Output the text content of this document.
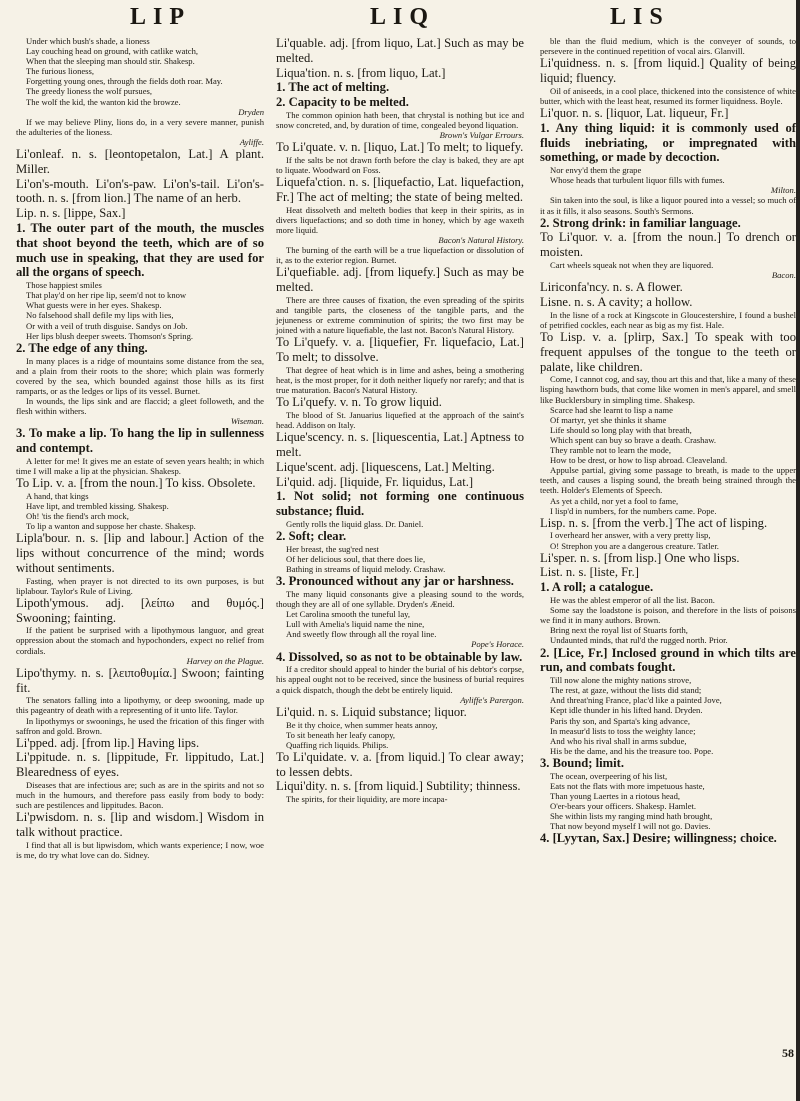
LIP	LIQ	LIS

Under which bush's shade, a lioness

Lay couching head on ground, with catlike watch,

When that the sleeping man should stir. Shakesp.

The furious lioness,

Forgetting young ones, through the fields doth roar. May.

The greedy lioness the wolf pursues,

The wolf the kid, the wanton kid the browze.

Dryden

If we may believe Pliny, lions do, in a very severe manner, punish the adulteries of the lioness.

Ayliffe.

Li'onleaf. n. s. [leontopetalon, Lat.] A plant. Miller.

Li'on's-mouth. Li'on's-paw. Li'on's-tail. Li'on's-tooth. n. s. [from lion.] The name of an herb.

Lip. n. s. [lippe, Sax.]

1. The outer part of the mouth, the muscles that shoot beyond the teeth, which are of so much use in speaking, that they are used for all the organs of speech.

Those happiest smiles

That play'd on her ripe lip, seem'd not to know

What guests were in her eyes. Shakesp.

No falsehood shall defile my lips with lies,

Or with a veil of truth disguise. Sandys on Job.

Her lips blush deeper sweets. Thomson's Spring.

2. The edge of any thing.

In many places is a ridge of mountains some distance from the sea, and a plain from their roots to the shore; which plain was formerly covered by the sea, which bounded against those hills as its first ramparts, or as the ledges or lips of its vessel. Burnet.

In wounds, the lips sink and are flaccid; a gleet followeth, and the flesh within withers.

Wiseman.

3. To make a lip. To hang the lip in sullenness and contempt.

A letter for me! It gives me an estate of seven years health; in which time I will make a lip at the physician. Shakesp.

To Lip. v. a. [from the noun.] To kiss. Obsolete.

A hand, that kings

Have lipt, and trembled kissing. Shakesp.

Oh! 'tis the fiend's arch mock,

To lip a wanton and suppose her chaste. Shakesp.

Lipla'bour. n. s. [lip and labour.] Action of the lips without concurrence of the mind; words without sentiments.

Fasting, when prayer is not directed to its own purposes, is but liplabour. Taylor's Rule of Living.

Lipoth'ymous. adj. [λείπω and θυμός.] Swooning; fainting.

If the patient be surprised with a lipothymous languor, and great oppression about the stomach and hypochonders, expect no relief from cordials.

Harvey on the Plague.

Lipo'thymy. n. s. [λειποθυμία.] Swoon; fainting fit.

The senators falling into a lipothymy, or deep swooning, made up this pageantry of death with a representing of it unto life. Taylor.

In lipothymys or swoonings, he used the frication of this finger with saffron and gold. Brown.

Li'pped. adj. [from lip.] Having lips.

Li'ppitude. n. s. [lippitude, Fr. lippitudo, Lat.] Blearedness of eyes.

Diseases that are infectious are; such as are in the spirits and not so much in the humours, and therefore pass easily from body to body: such are pestilences and lippitudes. Bacon.

Li'pwisdom. n. s. [lip and wisdom.] Wisdom in talk without practice.

I find that all is but lipwisdom, which wants experience; I now, woe is me, do try what love can do. Sidney.

Li'quable. adj. [from liquo, Lat.] Such as may be melted.

Liqua'tion. n. s. [from liquo, Lat.]

1. The act of melting.

2. Capacity to be melted.

The common opinion hath been, that chrystal is nothing but ice and snow concreted, and, by duration of time, congealed beyond liquation.

Brown's Vulgar Errours.

To Li'quate. v. n. [liquo, Lat.] To melt; to liquefy.

If the salts be not drawn forth before the clay is baked, they are apt to liquate. Woodward on Foss.

Liquefa'ction. n. s. [liquefactio, Lat. liquefaction, Fr.] The act of melting; the state of being melted.

Heat dissolveth and melteth bodies that keep in their spirits, as in divers liquefactions; and so doth time in honey, which by age waxeth more liquid.

Bacon's Natural History.

The burning of the earth will be a true liquefaction or dissolution of it, as to the exterior region. Burnet.

Li'quefiable. adj. [from liquefy.] Such as may be melted.

There are three causes of fixation, the even spreading of the spirits and tangible parts, the closeness of the tangible parts, and the jejuneness or extreme comminution of spirits; the two first may be joined with a nature liquefiable, the last not. Bacon's Natural History.

To Li'quefy. v. a. [liquefier, Fr. liquefacio, Lat.] To melt; to dissolve.

That degree of heat which is in lime and ashes, being a smothering heat, is the most proper, for it doth neither liquefy nor rarefy; and that is true maturation. Bacon's Natural History.

To Li'quefy. v. n. To grow liquid.

The blood of St. Januarius liquefied at the approach of the saint's head. Addison on Italy.

Lique'scency. n. s. [liquescentia, Lat.] Aptness to melt.

Lique'scent. adj. [liquescens, Lat.] Melting.

Li'quid. adj. [liquide, Fr. liquidus, Lat.]

1. Not solid; not forming one continuous substance; fluid.

Gently rolls the liquid glass. Dr. Daniel.

2. Soft; clear.

Her breast, the sug'red nest

Of her delicious soul, that there does lie,

Bathing in streams of liquid melody. Crashaw.

3. Pronounced without any jar or harshness.

The many liquid consonants give a pleasing sound to the words, though they are all of one syllable. Dryden's Æneid.

Let Carolina smooth the tuneful lay,

Lull with Amelia's liquid name the nine,

And sweetly flow through all the royal line.

Pope's Horace.

4. Dissolved, so as not to be obtainable by law.

If a creditor should appeal to hinder the burial of his debtor's corpse, his appeal ought not to be received, since the business of burial requires a quick dispatch, though the debt be entirely liquid.

Ayliffe's Parergon.

Li'quid. n. s. Liquid substance; liquor.

Be it thy choice, when summer heats annoy,

To sit beneath her leafy canopy,

Quaffing rich liquids. Philips.

To Li'quidate. v. a. [from liquid.] To clear away; to lessen debts.

Liqui'dity. n. s. [from liquid.] Subtility; thinness.

The spirits, for their liquidity, are more incapa-

ble than the fluid medium, which is the conveyer of sounds, to persevere in the continued repetition of vocal airs. Glanvill.

Li'quidness. n. s. [from liquid.] Quality of being liquid; fluency.

Oil of aniseeds, in a cool place, thickened into the consistence of white butter, which with the least heat, resumed its former liquidness. Boyle.

Li'quor. n. s. [liquor, Lat. liqueur, Fr.]

1. Any thing liquid: it is commonly used of fluids inebriating, or impregnated with something, or made by decoction.

Nor envy'd them the grape

Whose heads that turbulent liquor fills with fumes.

Milton.

Sin taken into the soul, is like a liquor poured into a vessel; so much of it as it fills, it also seasons. South's Sermons.

2. Strong drink: in familiar language.

To Li'quor. v. a. [from the noun.] To drench or moisten.

Cart wheels squeak not when they are liquored.

Bacon.

Liriconfa'ncy. n. s. A flower.

Lisne. n. s. A cavity; a hollow.

In the lisne of a rock at Kingscote in Gloucestershire, I found a bushel of petrified cockles, each near as big as my fist. Hale.

To Lisp. v. a. [ƿlirp, Sax.] To speak with too frequent appulses of the tongue to the teeth or palate, like children.

Come, I cannot cog, and say, thou art this and that, like a many of these lisping hawthorn buds, that come like women in men's apparel, and smell like Bucklersbury in simpling time. Shakesp.

Scarce had she learnt to lisp a name

Of martyr, yet she thinks it shame

Life should so long play with that breath,

Which spent can buy so brave a death. Crashaw.

They ramble not to learn the mode,

How to be drest, or how to lisp abroad. Cleaveland.

Appulse partial, giving some passage to breath, is made to the upper teeth, and causes a lisping sound, the breath being strained through the teeth. Holder's Elements of Speech.

As yet a child, nor yet a fool to fame,

I lisp'd in numbers, for the numbers came. Pope.

Lisp. n. s. [from the verb.] The act of lisping.

I overheard her answer, with a very pretty lisp,

O! Strephon you are a dangerous creature. Tatler.

Li'sper. n. s. [from lisp.] One who lisps.

List. n. s. [liste, Fr.]

1. A roll; a catalogue.

He was the ablest emperor of all the list. Bacon.

Some say the loadstone is poison, and therefore in the lists of poisons we find it in many authors. Brown.

Bring next the royal list of Stuarts forth,

Undaunted minds, that rul'd the rugged north. Prior.

2. [Lice, Fr.] Inclosed ground in which tilts are run, and combats fought.

Till now alone the mighty nations strove,

The rest, at gaze, without the lists did stand;

And threat'ning France, plac'd like a painted Jove,

Kept idle thunder in his lifted hand. Dryden.

Paris thy son, and Sparta's king advance,

In measur'd lists to toss the weighty lance;

And who his rival shall in arms subdue,

His be the dame, and his the treasure too. Pope.

3. Bound; limit.

The ocean, overpeering of his list,

Eats not the flats with more impetuous haste,

Than young Laertes in a riotous head,

O'er-bears your officers. Shakesp. Hamlet.

She within lists my ranging mind hath brought,

That now beyond myself I will not go. Davies.

4. [Lyyτan, Sax.] Desire; willingness; choice.

58
